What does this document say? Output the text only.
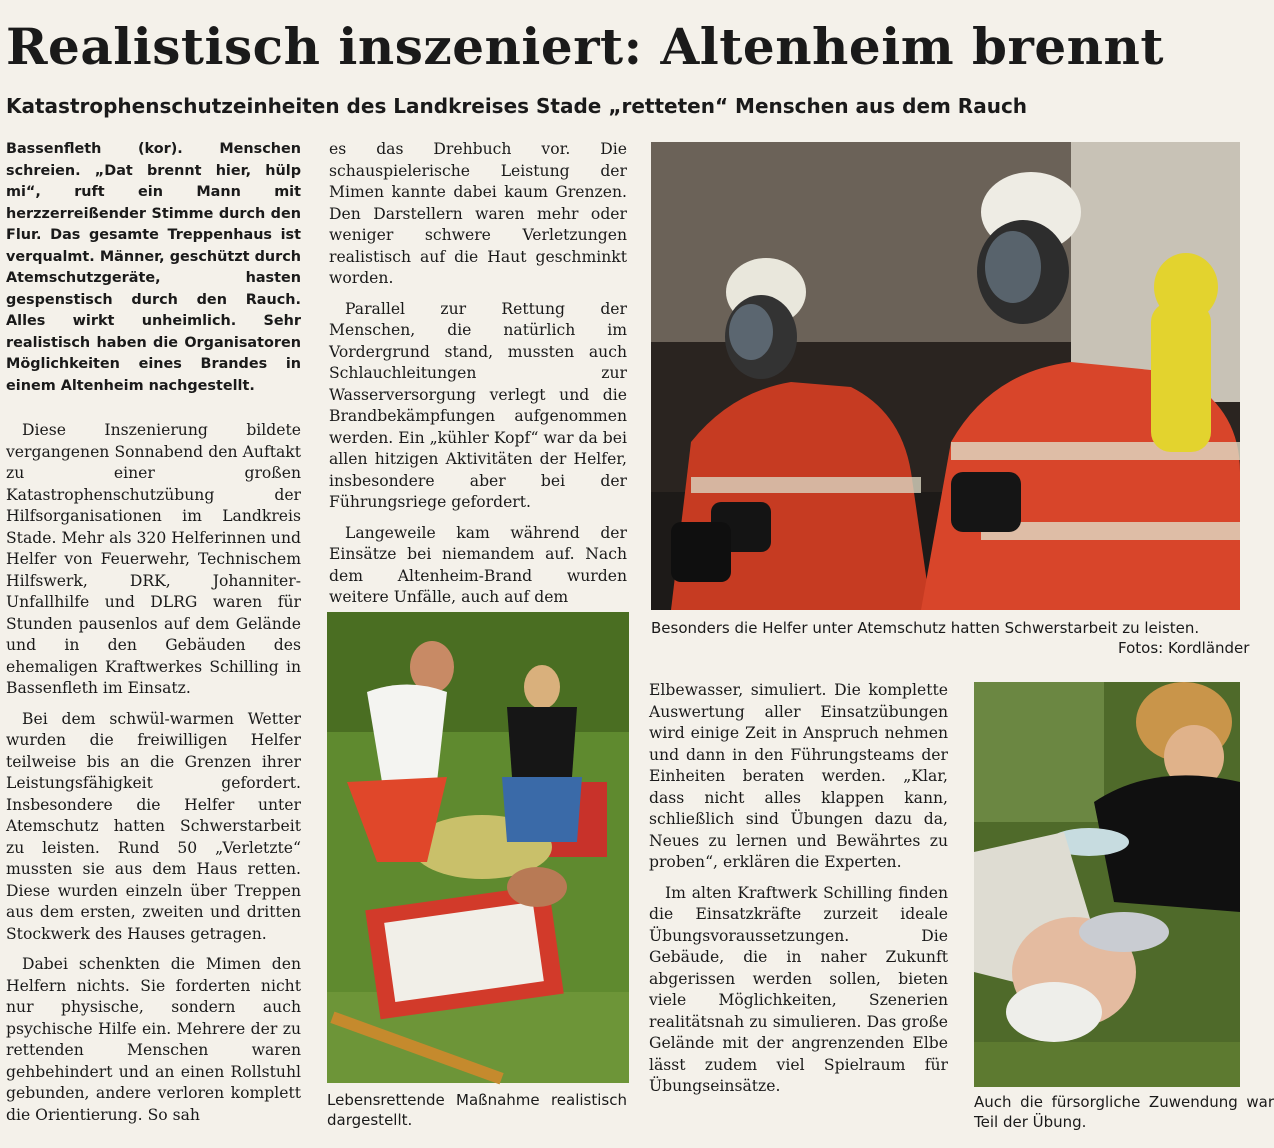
Realistisch inszeniert: Altenheim brennt
Katastrophenschutzeinheiten des Landkreises Stade „retteten“ Menschen aus dem Rauch

Bassenfleth (kor). Menschen schreien. „Dat brennt hier, hülp mi“, ruft ein Mann mit herzzerreißender Stimme durch den Flur. Das gesamte Treppenhaus ist verqualmt. Männer, geschützt durch Atemschutzgeräte, hasten gespenstisch durch den Rauch. Alles wirkt unheimlich. Sehr realistisch haben die Organisatoren Möglichkeiten eines Brandes in einem Altenheim nachgestellt.

Diese Inszenierung bildete vergangenen Sonnabend den Auftakt zu einer großen Katastrophenschutzübung der Hilfsorganisationen im Landkreis Stade. Mehr als 320 Helferinnen und Helfer von Feuerwehr, Technischem Hilfswerk, DRK, Johanniter-Unfallhilfe und DLRG waren für Stunden pausenlos auf dem Gelände und in den Gebäuden des ehemaligen Kraftwerkes Schilling in Bassenfleth im Einsatz.

Bei dem schwül-warmen Wetter wurden die freiwilligen Helfer teilweise bis an die Grenzen ihrer Leistungsfähigkeit gefordert. Insbesondere die Helfer unter Atemschutz hatten Schwerstarbeit zu leisten. Rund 50 „Verletzte“ mussten sie aus dem Haus retten. Diese wurden einzeln über Treppen aus dem ersten, zweiten und dritten Stockwerk des Hauses getragen.

Dabei schenkten die Mimen den Helfern nichts. Sie forderten nicht nur physische, sondern auch psychische Hilfe ein. Mehrere der zu rettenden Menschen waren gehbehindert und an einen Rollstuhl gebunden, andere verloren komplett die Orientierung. So sah

es das Drehbuch vor. Die schauspielerische Leistung der Mimen kannte dabei kaum Grenzen. Den Darstellern waren mehr oder weniger schwere Verletzungen realistisch auf die Haut geschminkt worden.

Parallel zur Rettung der Menschen, die natürlich im Vordergrund stand, mussten auch Schlauchleitungen zur Wasserversorgung verlegt und die Brandbekämpfungen aufgenommen werden. Ein „kühler Kopf“ war da bei allen hitzigen Aktivitäten der Helfer, insbesondere aber bei der Führungsriege gefordert.

Langeweile kam während der Einsätze bei niemandem auf. Nach dem Altenheim-Brand wurden weitere Unfälle, auch auf dem

Elbewasser, simuliert. Die komplette Auswertung aller Einsatzübungen wird einige Zeit in Anspruch nehmen und dann in den Führungsteams der Einheiten beraten werden. „Klar, dass nicht alles klappen kann, schließlich sind Übungen dazu da, Neues zu lernen und Bewährtes zu proben“, erklären die Experten.

Im alten Kraftwerk Schilling finden die Einsatzkräfte zurzeit ideale Übungsvoraussetzungen. Die Gebäude, die in naher Zukunft abgerissen werden sollen, bieten viele Möglichkeiten, Szenerien realitätsnah zu simulieren. Das große Gelände mit der angrenzenden Elbe lässt zudem viel Spielraum für Übungseinsätze.

Besonders die Helfer unter Atemschutz hatten Schwerstarbeit zu leisten.
Fotos: Kordländer
Lebensrettende Maßnahme realistisch dargestellt.
Auch die fürsorgliche Zuwendung war Teil der Übung.
